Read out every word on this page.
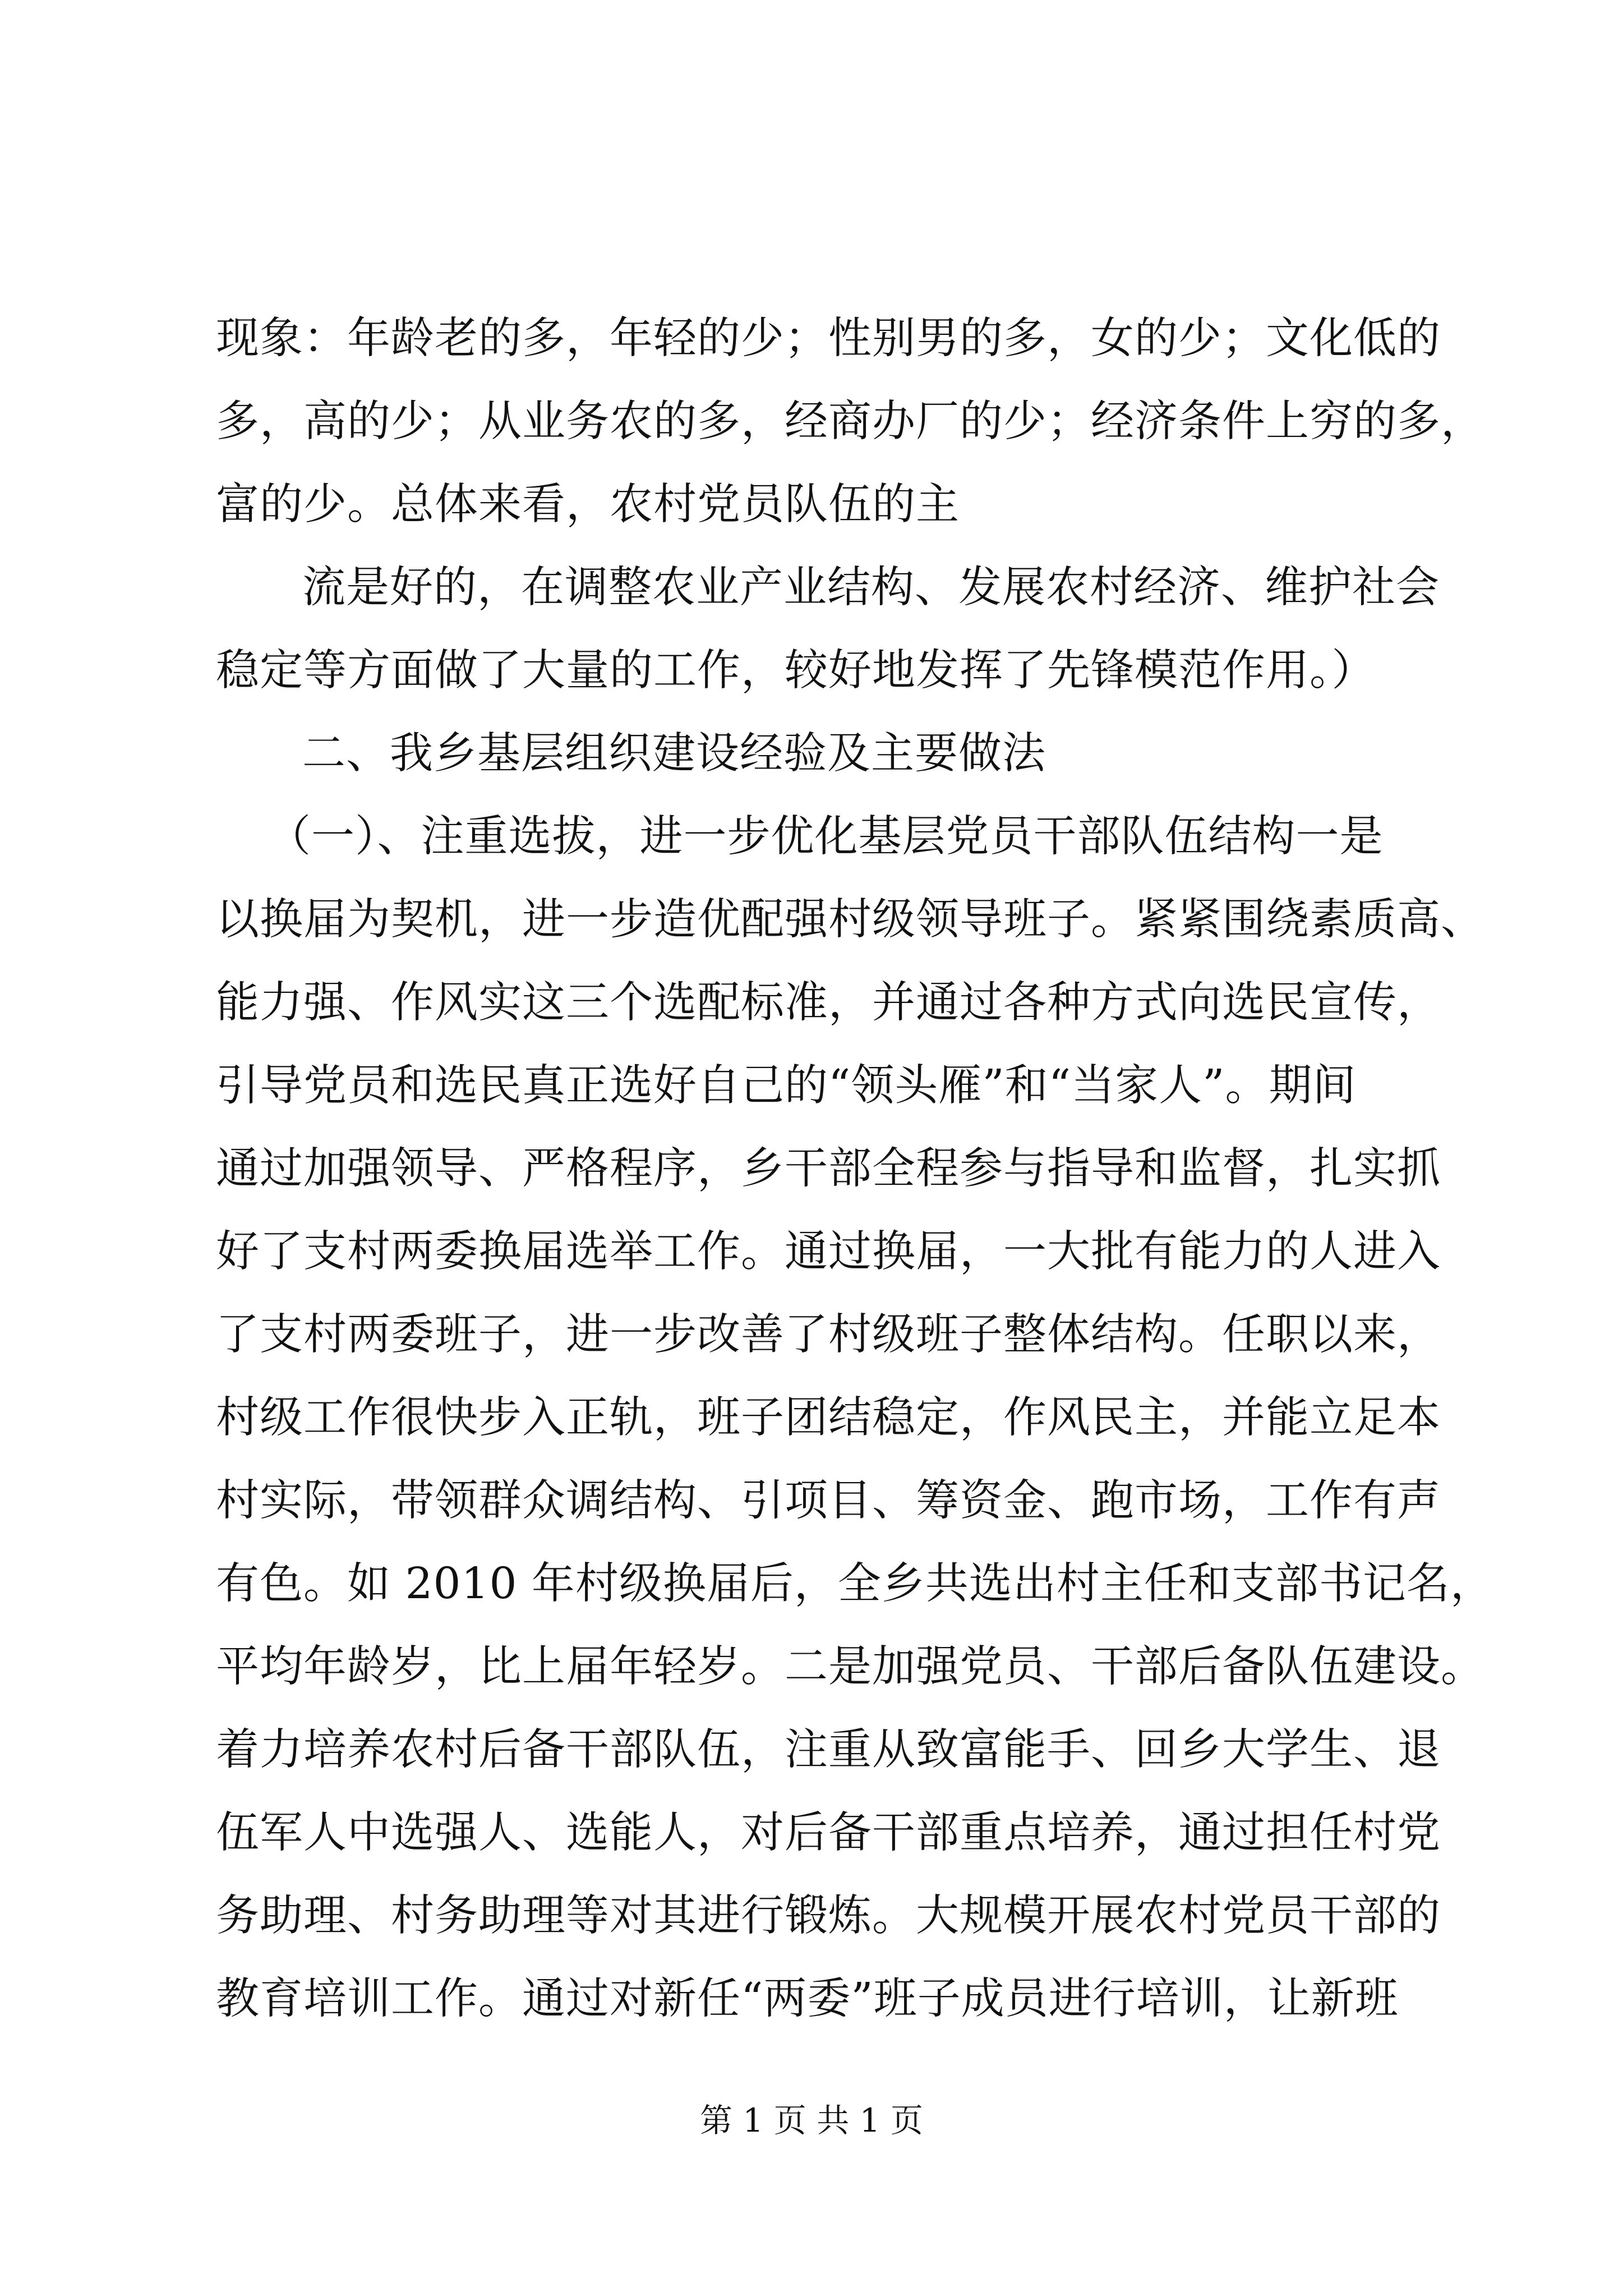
现象：年龄老的多，年轻的少；性别男的多，女的少；文化低的
多，高的少；从业务农的多，经商办厂的少；经济条件上穷的多，
富的少。总体来看，农村党员队伍的主
流是好的，在调整农业产业结构、发展农村经济、维护社会
稳定等方面做了大量的工作，较好地发挥了先锋模范作用。）
二、我乡基层组织建设经验及主要做法
（一）、注重选拔，进一步优化基层党员干部队伍结构一是
以换届为契机，进一步造优配强村级领导班子。紧紧围绕素质高、
能力强、作风实这三个选配标准，并通过各种方式向选民宣传，
引导党员和选民真正选好自己的“领头雁”和“当家人”。期间
通过加强领导、严格程序，乡干部全程参与指导和监督，扎实抓
好了支村两委换届选举工作。通过换届，一大批有能力的人进入
了支村两委班子，进一步改善了村级班子整体结构。任职以来，
村级工作很快步入正轨，班子团结稳定，作风民主，并能立足本
村实际，带领群众调结构、引项目、筹资金、跑市场，工作有声
有色。如 2010 年村级换届后，全乡共选出村主任和支部书记名，
平均年龄岁，比上届年轻岁。二是加强党员、干部后备队伍建设。
着力培养农村后备干部队伍，注重从致富能手、回乡大学生、退
伍军人中选强人、选能人，对后备干部重点培养，通过担任村党
务助理、村务助理等对其进行锻炼。大规模开展农村党员干部的
教育培训工作。通过对新任“两委”班子成员进行培训，让新班
第 1 页 共 1 页
